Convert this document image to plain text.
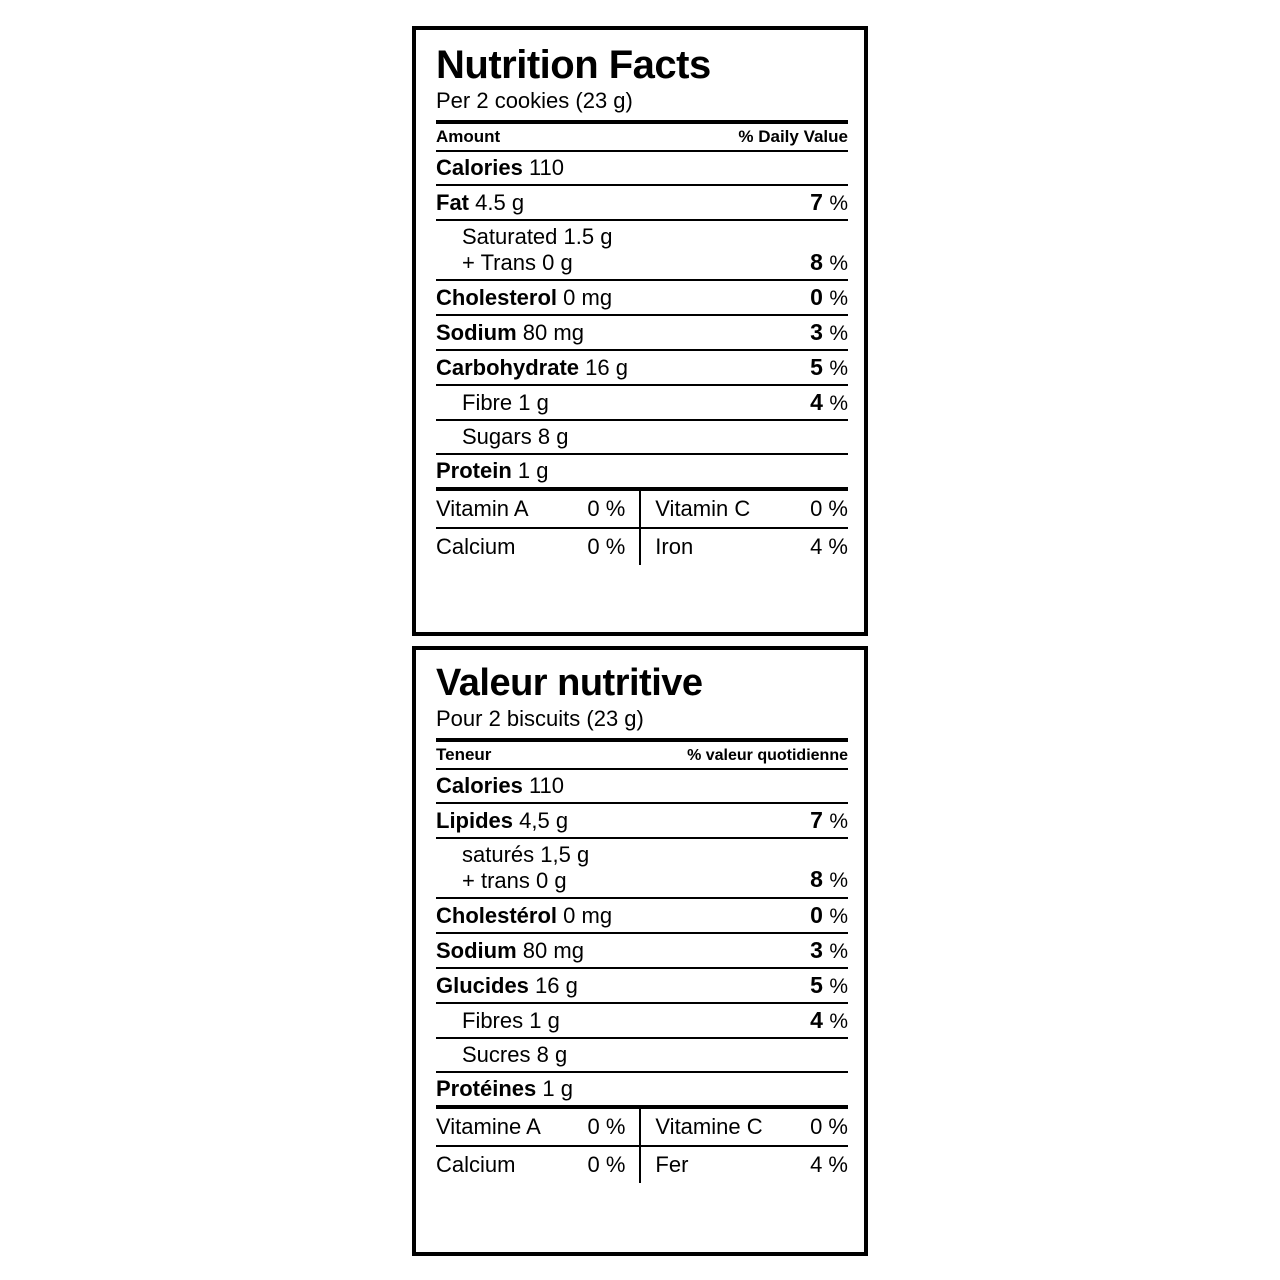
Nutrition Facts
Per 2 cookies (23 g)
Amount	% Daily Value
Calories 110	
Fat 4.5 g	7 %
Saturated 1.5 g
+ Trans 0 g	8 %
Cholesterol 0 mg	0 %
Sodium 80 mg	3 %
Carbohydrate 16 g	5 %
Fibre 1 g	4 %
Sugars 8 g	
Protein 1 g	
Vitamin A	0 %	Vitamin C	0 %
Calcium	0 %	Iron	4 %
Valeur nutritive
Pour 2 biscuits (23 g)
Teneur	% valeur quotidienne
Calories 110	
Lipides 4,5 g	7 %
saturés 1,5 g
+ trans 0 g	8 %
Cholestérol 0 mg	0 %
Sodium 80 mg	3 %
Glucides 16 g	5 %
Fibres 1 g	4 %
Sucres 8 g	
Protéines 1 g	
Vitamine A	0 %	Vitamine C	0 %
Calcium	0 %	Fer	4 %
